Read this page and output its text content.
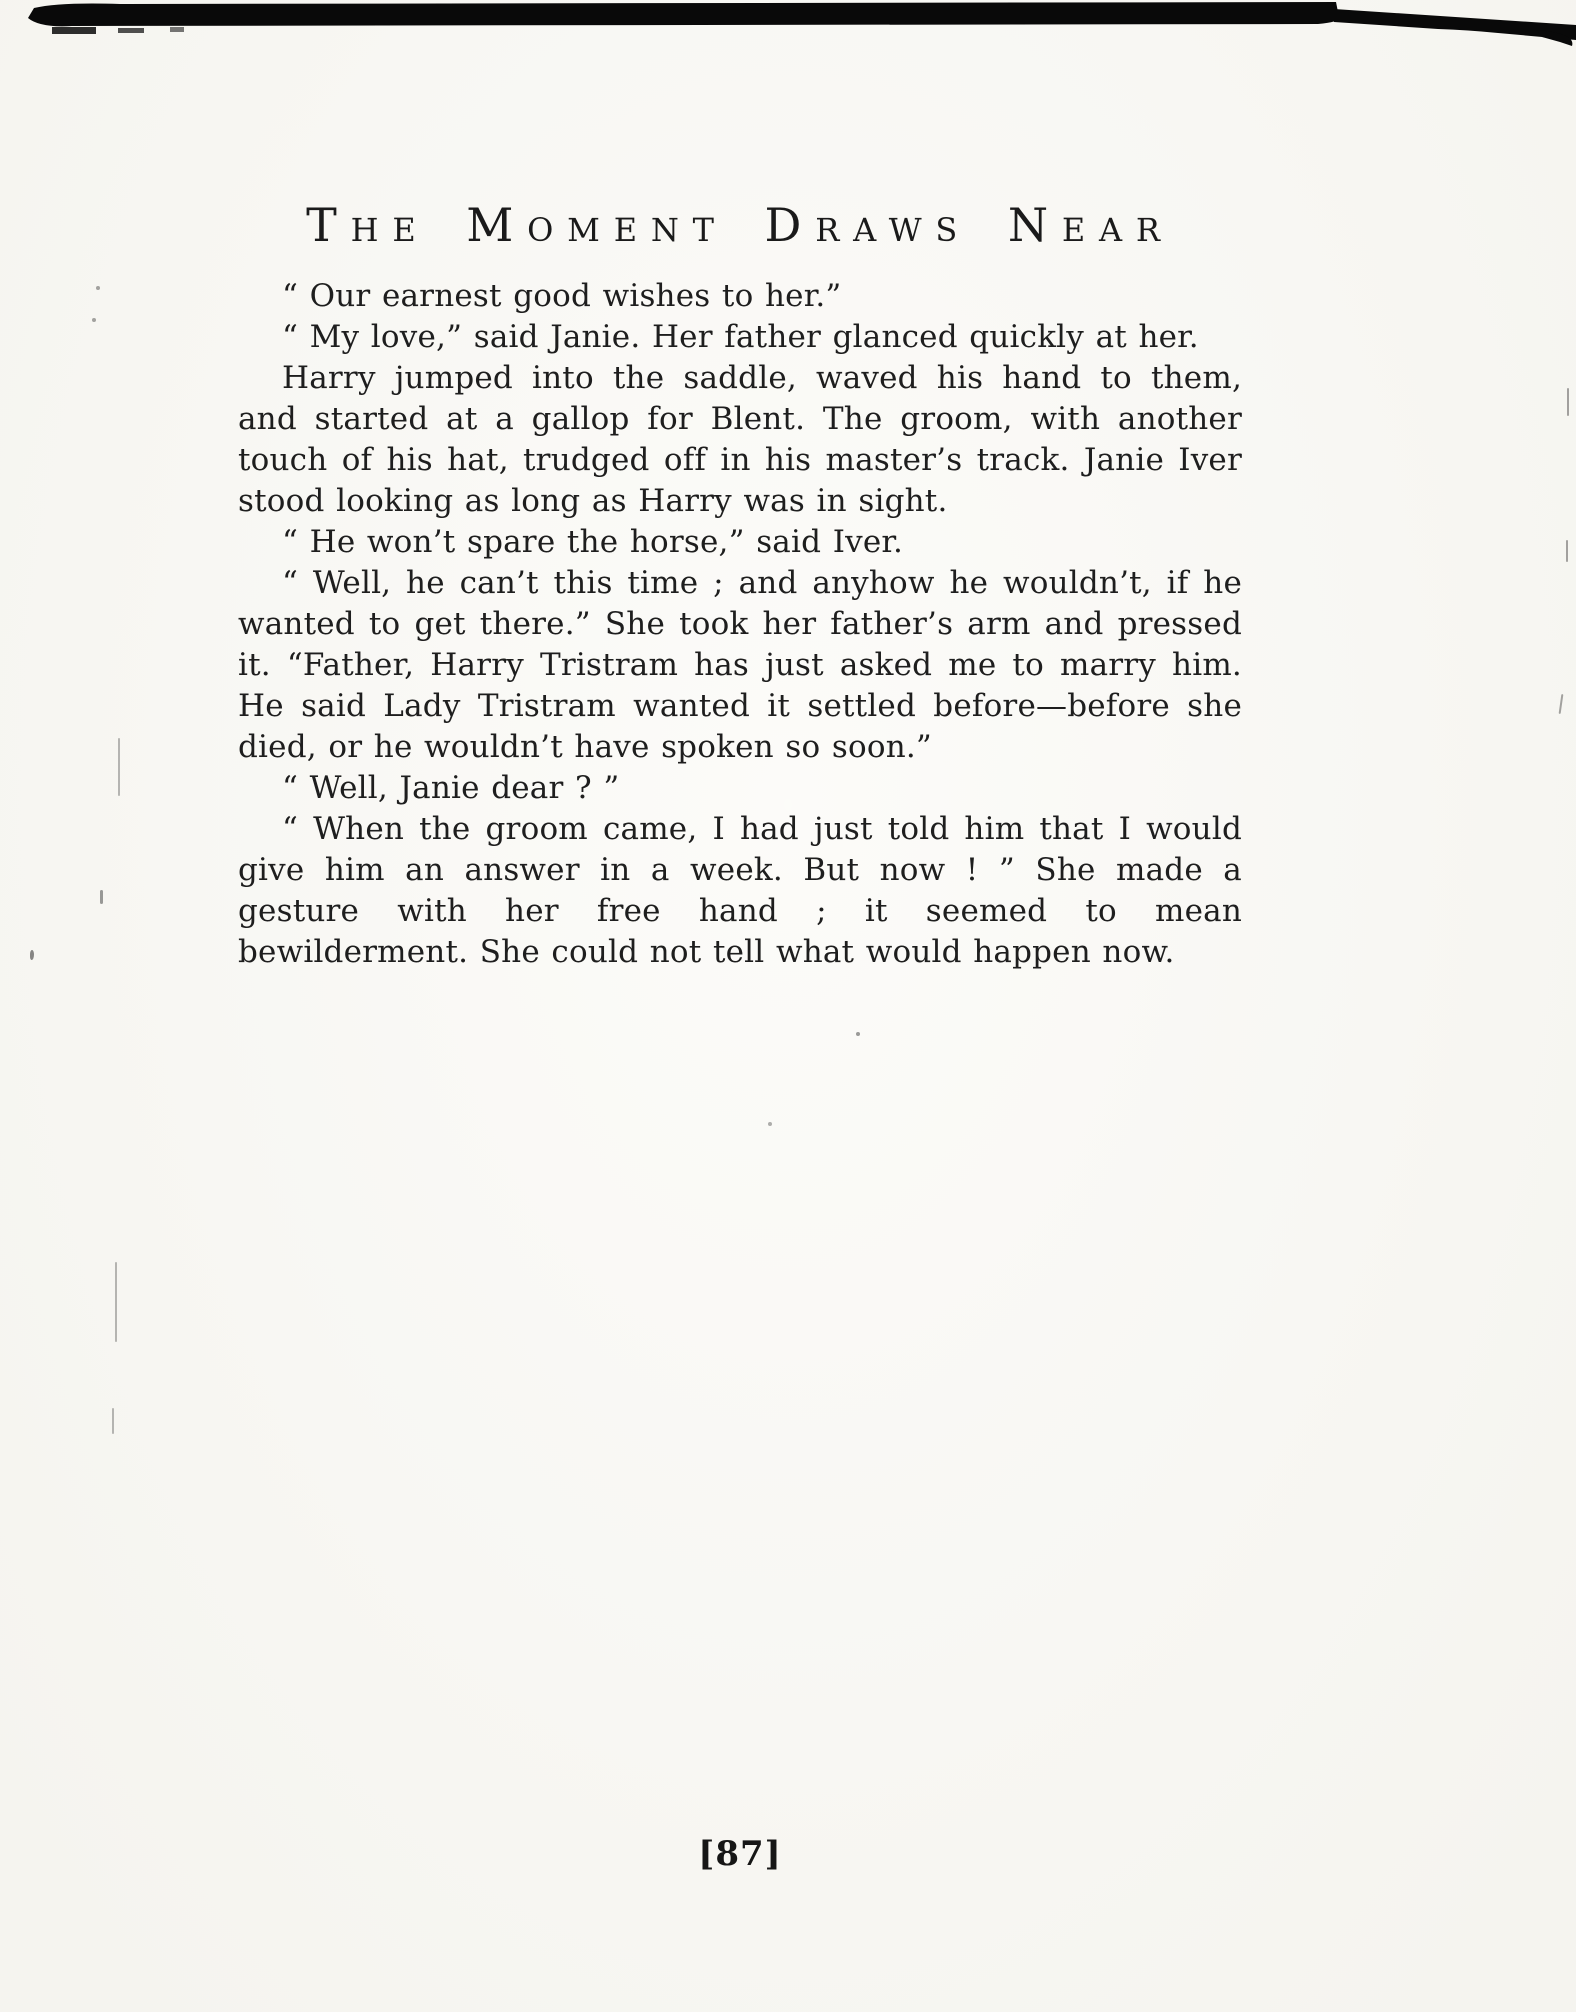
The Moment Draws Near

“ Our earnest good wishes to her.”

“ My love,” said Janie. Her father glanced quickly at her.

Harry jumped into the saddle, waved his hand to them, and started at a gallop for Blent. The groom, with another touch of his hat, trudged off in his master’s track. Janie Iver stood looking as long as Harry was in sight.

“ He won’t spare the horse,” said Iver.

“ Well, he can’t this time ; and anyhow he wouldn’t, if he wanted to get there.” She took her father’s arm and pressed it. “Father, Harry Tristram has just asked me to marry him. He said Lady Tristram wanted it settled before—before she died, or he wouldn’t have spoken so soon.”

“ Well, Janie dear ? ”

“ When the groom came, I had just told him that I would give him an answer in a week. But now ! ” She made a gesture with her free hand ; it seemed to mean bewilderment. She could not tell what would happen now.

[87]
